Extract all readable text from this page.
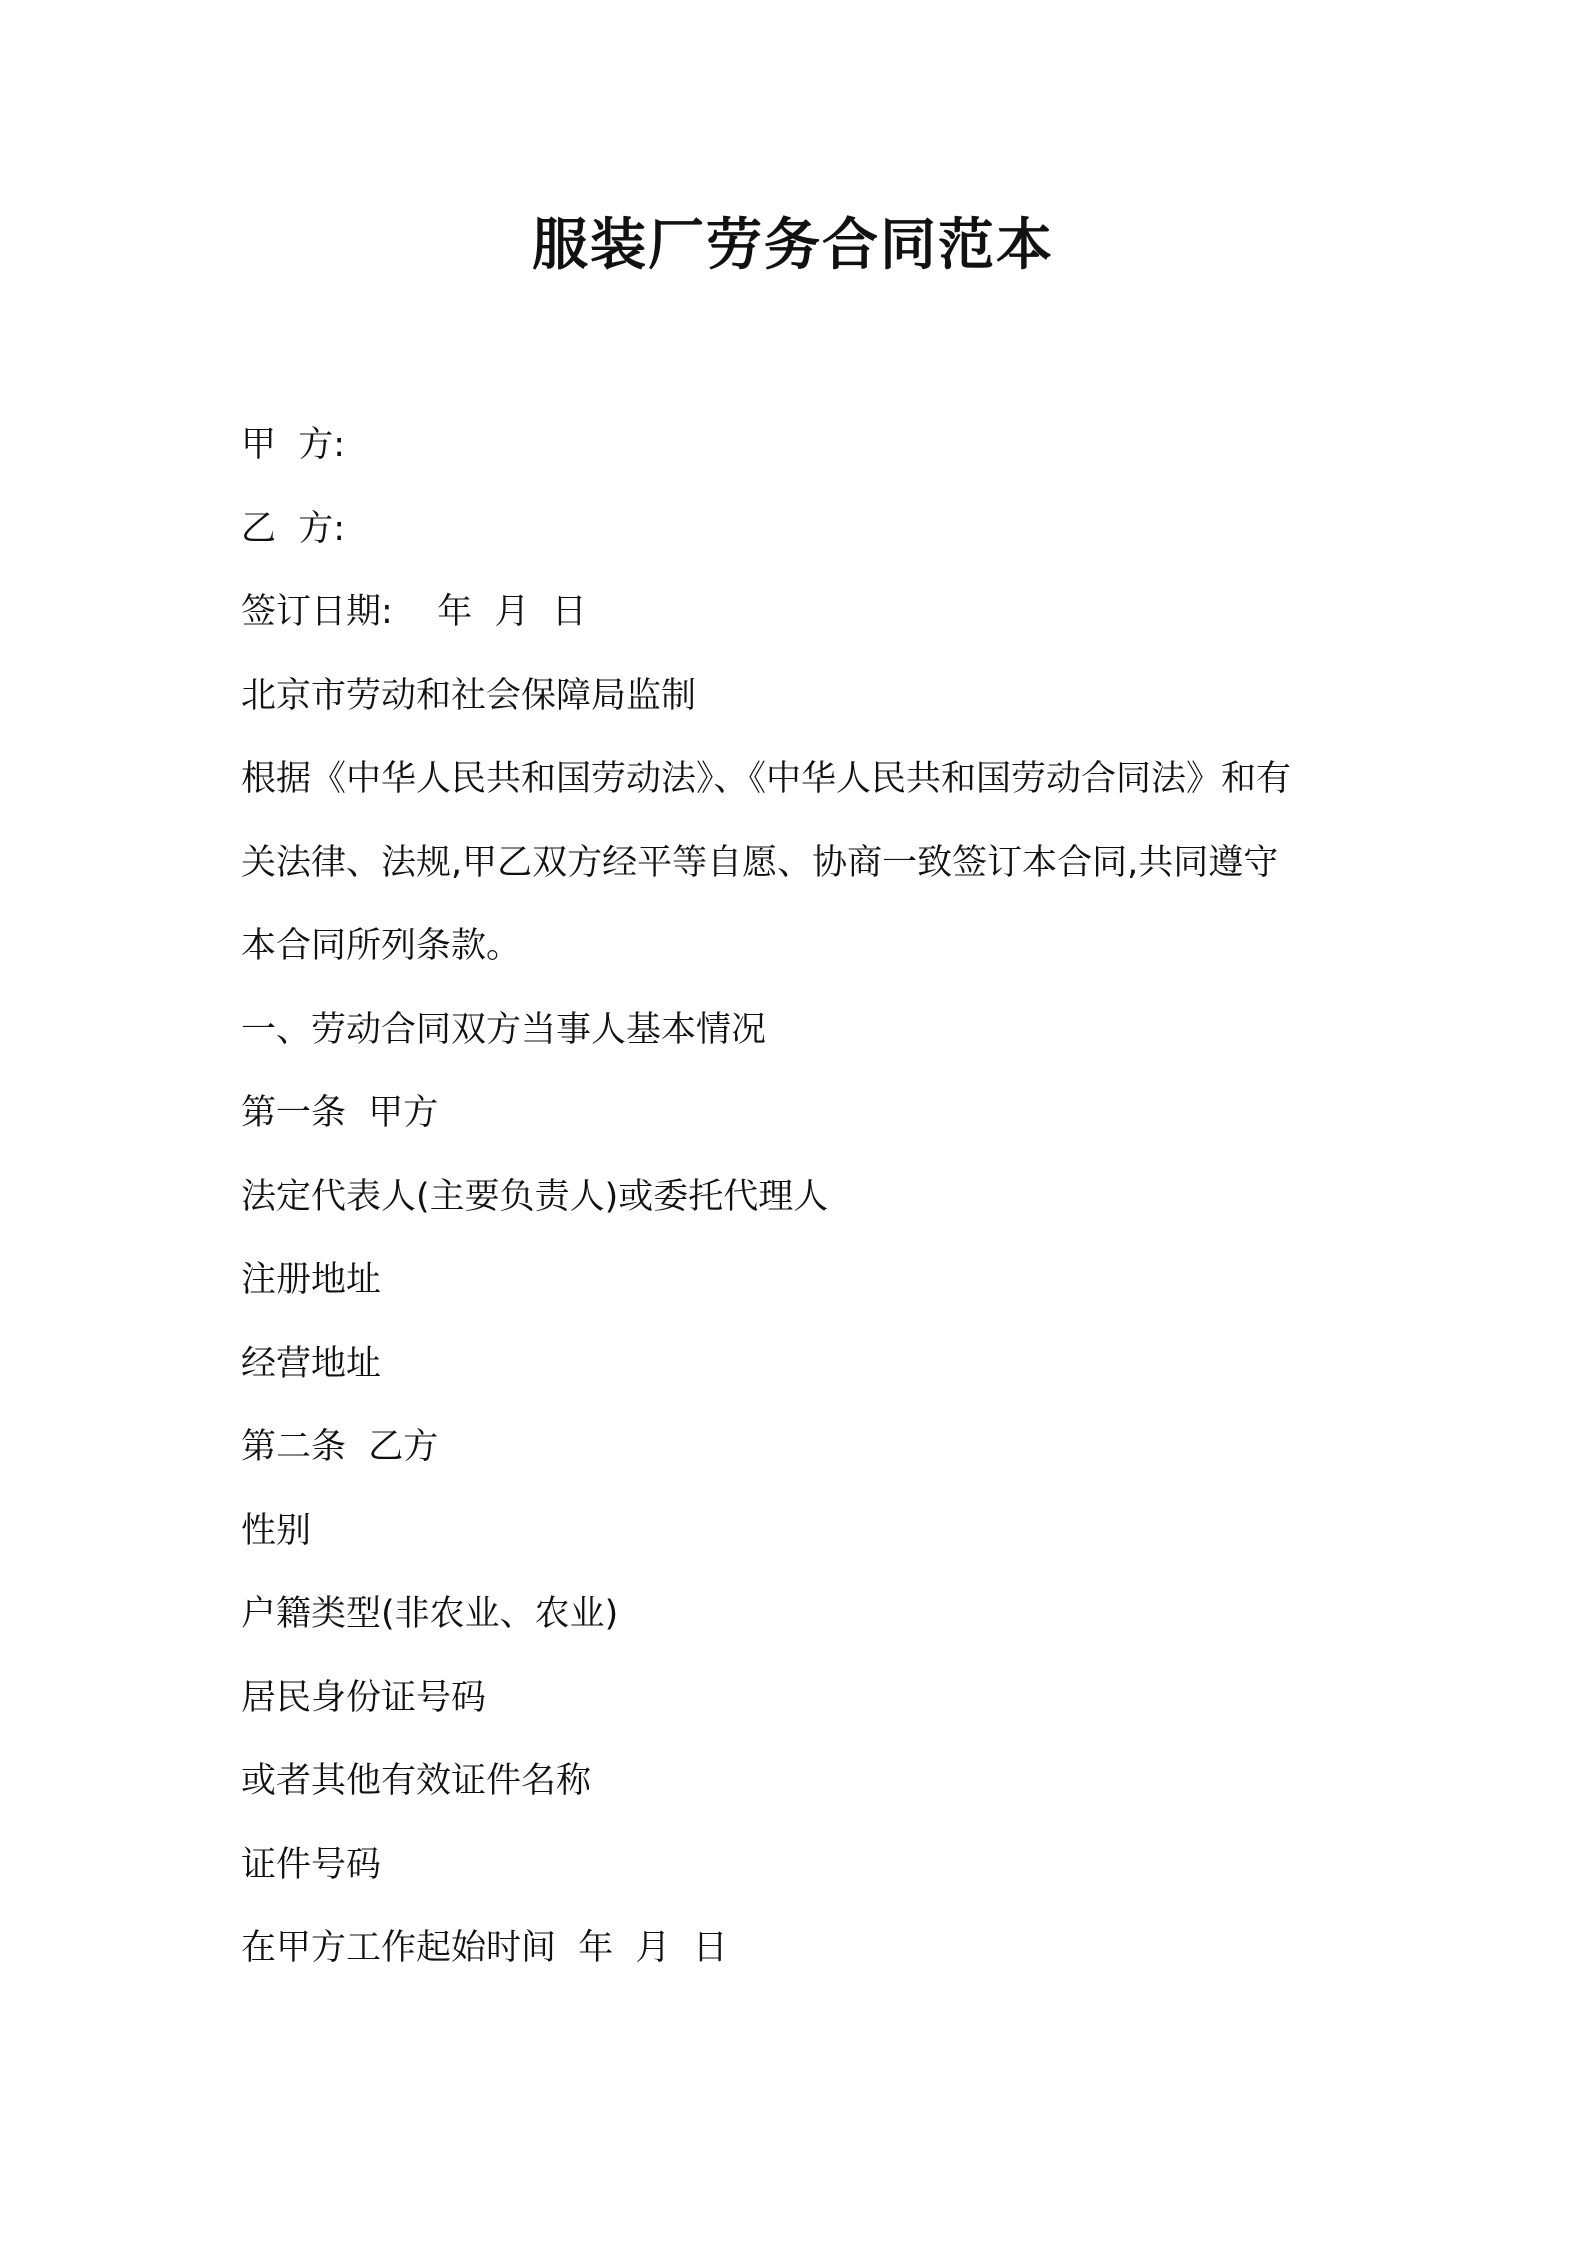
服装厂劳务合同范本

甲  方:

乙  方:

签订日期:    年  月  日

北京市劳动和社会保障局监制

根据《中华人民共和国劳动法》、《中华人民共和国劳动合同法》和有

关法律、法规,甲乙双方经平等自愿、协商一致签订本合同,共同遵守

本合同所列条款。

一、劳动合同双方当事人基本情况

第一条  甲方

法定代表人(主要负责人)或委托代理人

注册地址

经营地址

第二条  乙方

性别

户籍类型(非农业、农业)

居民身份证号码

或者其他有效证件名称

证件号码

在甲方工作起始时间  年  月  日
